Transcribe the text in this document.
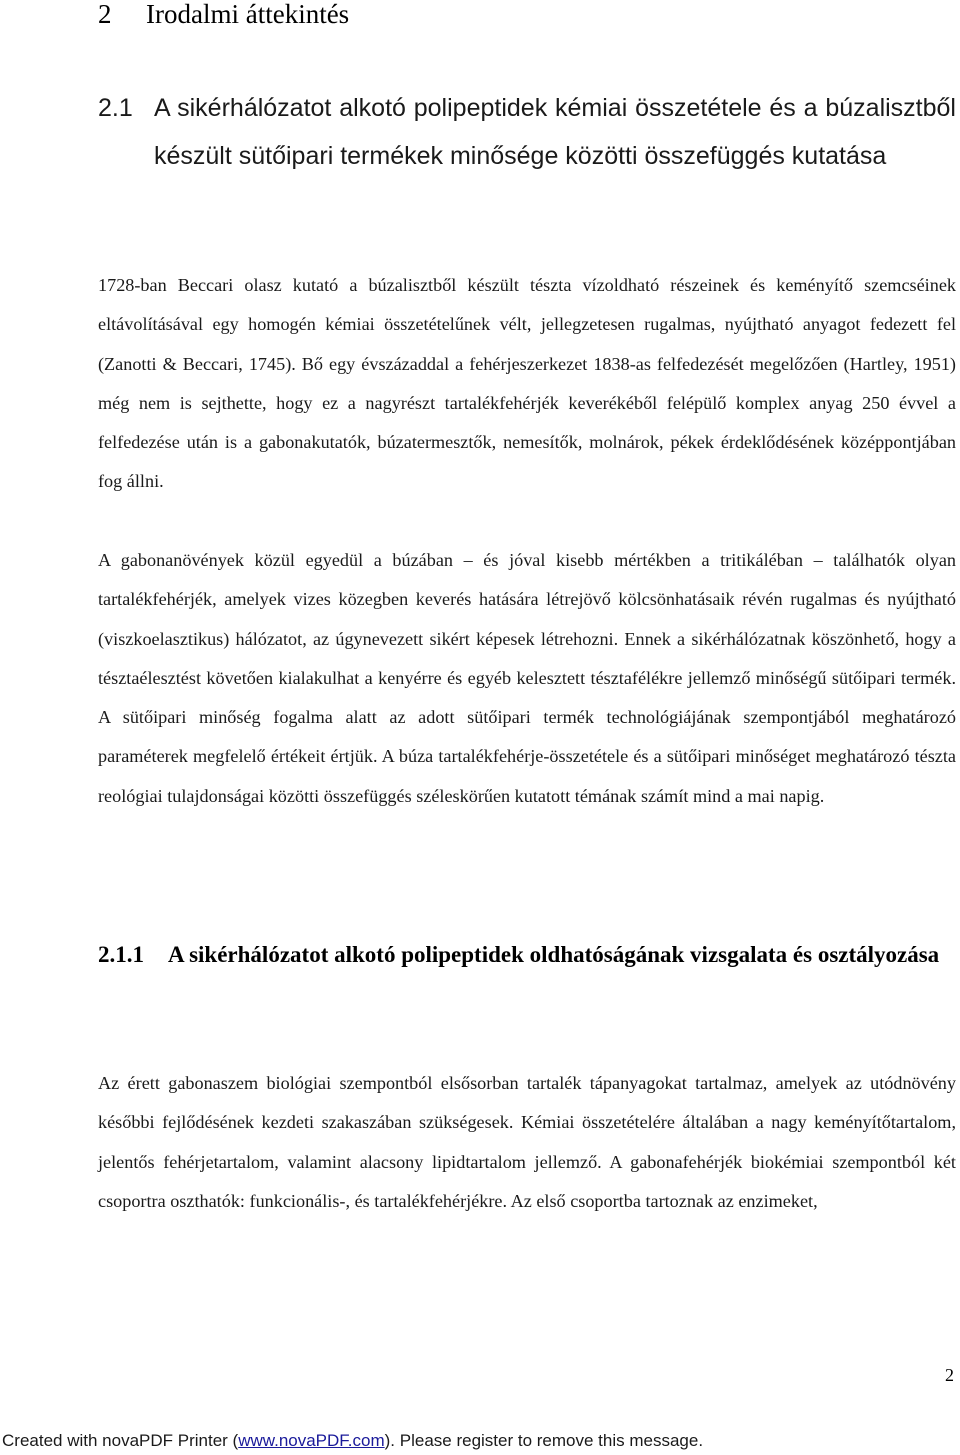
2 Irodalmi áttekintés
2.1 A sikérhálózatot alkotó polipeptidek kémiai összetétele és a búzalisztből készült sütőipari termékek minősége közötti összefüggés kutatása

1728-ban Beccari olasz kutató a búzalisztből készült tészta vízoldható részeinek és keményítő szemcséinek eltávolításával egy homogén kémiai összetételűnek vélt, jellegzetesen rugalmas, nyújtható anyagot fedezett fel (Zanotti & Beccari, 1745). Bő egy évszázaddal a fehérjeszerkezet 1838-as felfedezését megelőzően (Hartley, 1951) még nem is sejthette, hogy ez a nagyrészt tartalékfehérjék keverékéből felépülő komplex anyag 250 évvel a felfedezése után is a gabonakutatók, búzatermesztők, nemesítők, molnárok, pékek érdeklődésének középpontjában fog állni.

A gabonanövények közül egyedül a búzában – és jóval kisebb mértékben a tritikáléban – találhatók olyan tartalékfehérjék, amelyek vizes közegben keverés hatására létrejövő kölcsönhatásaik révén rugalmas és nyújtható (viszkoelasztikus) hálózatot, az úgynevezett sikért képesek létrehozni. Ennek a sikérhálózatnak köszönhető, hogy a tésztaélesztést követően kialakulhat a kenyérre és egyéb kelesztett tésztafélékre jellemző minőségű sütőipari termék. A sütőipari minőség fogalma alatt az adott sütőipari termék technológiájának szempontjából meghatározó paraméterek megfelelő értékeit értjük. A búza tartalékfehérje-összetétele és a sütőipari minőséget meghatározó tészta reológiai tulajdonságai közötti összefüggés széleskörűen kutatott témának számít mind a mai napig.

2.1.1	A sikérhálózatot alkotó polipeptidek oldhatóságának vizsgalata és osztályozása

Az érett gabonaszem biológiai szempontból elsősorban tartalék tápanyagokat tartalmaz, amelyek az utódnövény későbbi fejlődésének kezdeti szakaszában szükségesek. Kémiai összetételére általában a nagy keményítőtartalom, jelentős fehérjetartalom, valamint alacsony lipidtartalom jellemző. A gabonafehérjék biokémiai szempontból két csoportra oszthatók: funkcionális-, és tartalékfehérjékre. Az első csoportba tartoznak az enzimeket,

2
Created with novaPDF Printer (www.novaPDF.com). Please register to remove this message.
